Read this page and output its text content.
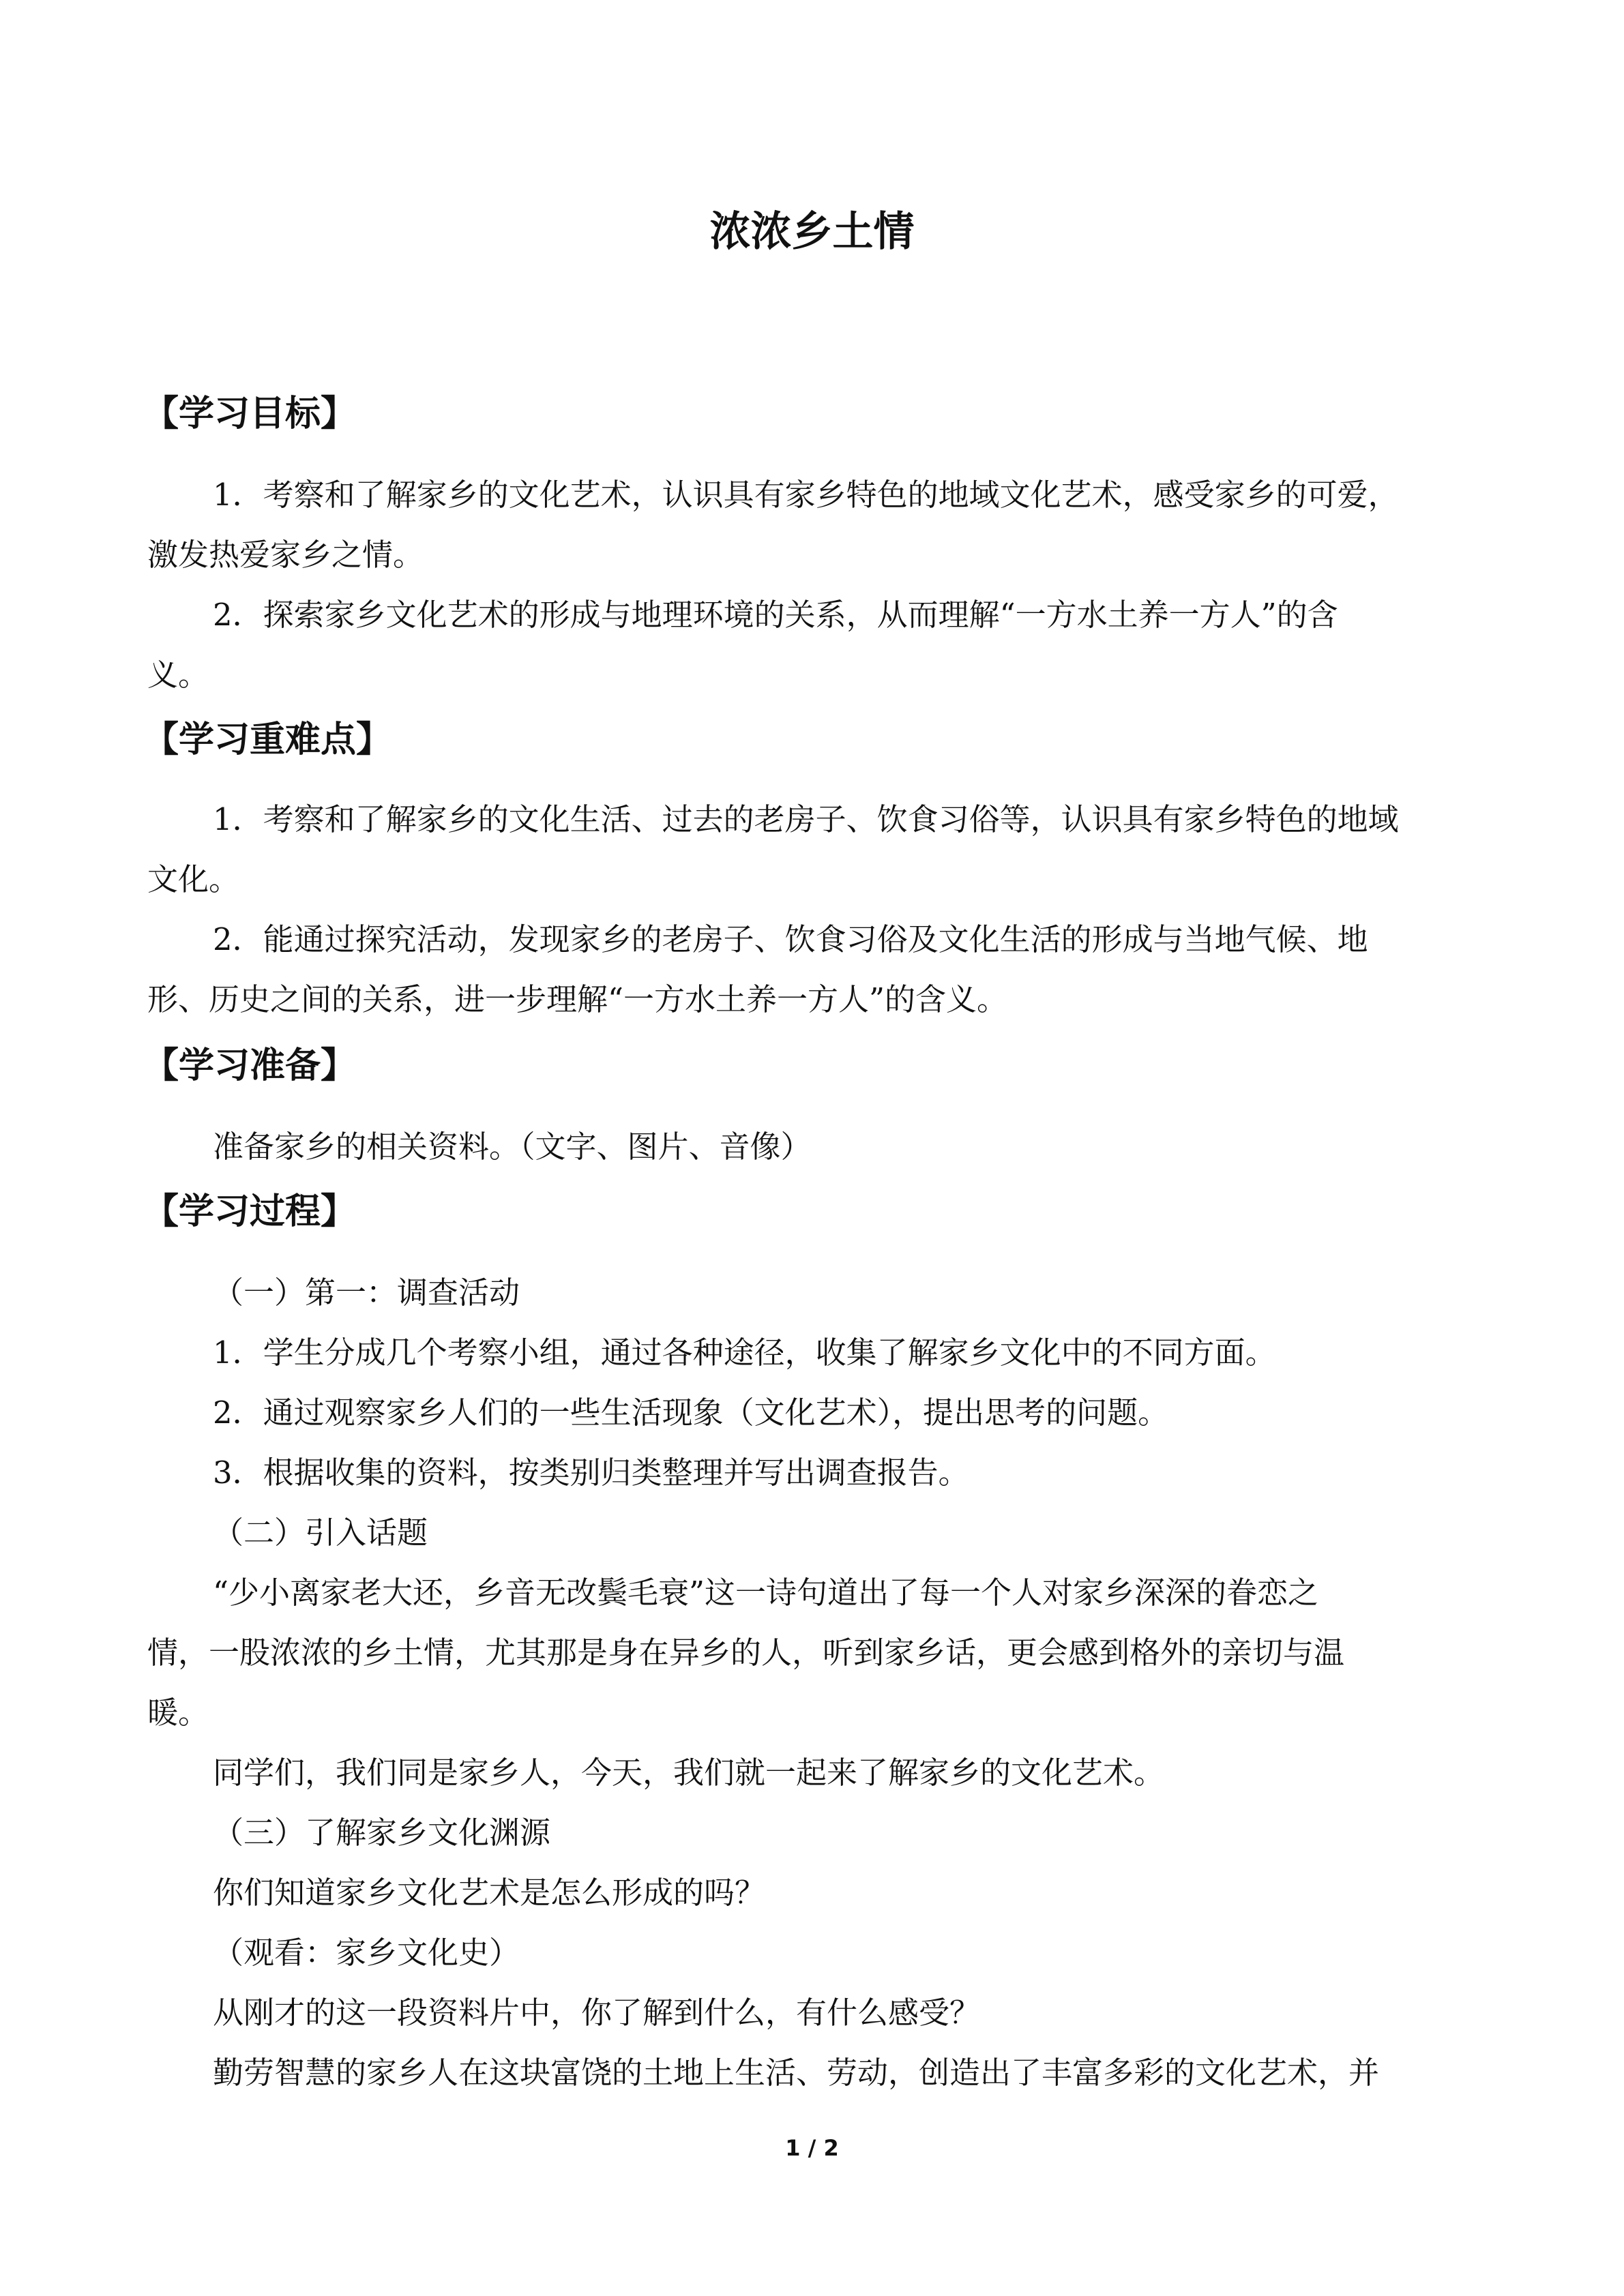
浓浓乡土情
【学习目标】
1．考察和了解家乡的文化艺术，认识具有家乡特色的地域文化艺术，感受家乡的可爱，
激发热爱家乡之情。
2．探索家乡文化艺术的形成与地理环境的关系，从而理解“一方水土养一方人”的含
义。
【学习重难点】
1．考察和了解家乡的文化生活、过去的老房子、饮食习俗等，认识具有家乡特色的地域
文化。
2．能通过探究活动，发现家乡的老房子、饮食习俗及文化生活的形成与当地气候、地
形、历史之间的关系，进一步理解“一方水土养一方人”的含义。
【学习准备】
准备家乡的相关资料。（文字、图片、音像）
【学习过程】
（一）第一：调查活动
1．学生分成几个考察小组，通过各种途径，收集了解家乡文化中的不同方面。
2．通过观察家乡人们的一些生活现象（文化艺术），提出思考的问题。
3．根据收集的资料，按类别归类整理并写出调查报告。
（二）引入话题
“少小离家老大还，乡音无改鬓毛衰”这一诗句道出了每一个人对家乡深深的眷恋之
情，一股浓浓的乡土情，尤其那是身在异乡的人，听到家乡话，更会感到格外的亲切与温
暖。
同学们，我们同是家乡人，今天，我们就一起来了解家乡的文化艺术。
（三）了解家乡文化渊源
你们知道家乡文化艺术是怎么形成的吗？
（观看：家乡文化史）
从刚才的这一段资料片中，你了解到什么，有什么感受？
勤劳智慧的家乡人在这块富饶的土地上生活、劳动，创造出了丰富多彩的文化艺术，并
1 / 2
